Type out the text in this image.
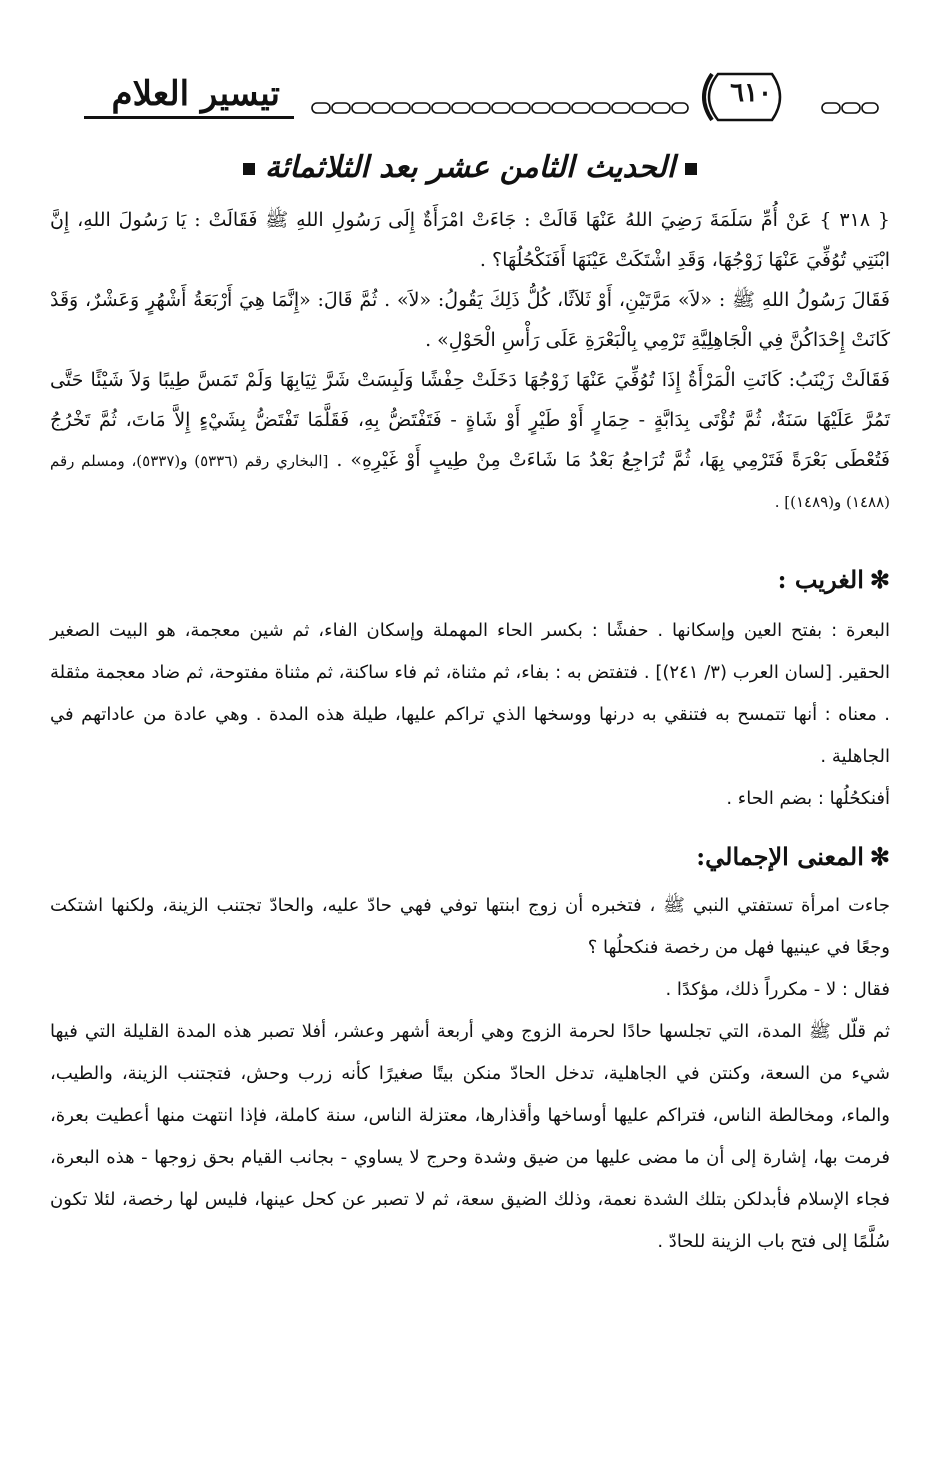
تيسير العلام	٦١٠
الحديث الثامن عشر بعد الثلاثمائة

{ ٣١٨ } عَنْ أُمِّ سَلَمَةَ رَضِيَ اللهُ عَنْهَا قَالَتْ : جَاءَتْ امْرَأَةٌ إِلَى رَسُولِ اللهِ ﷺ فَقَالَتْ : يَا رَسُولَ اللهِ، إِنَّ ابْنَتِي تُوُفِّيَ عَنْهَا زَوْجُهَا، وَقَدِ اشْتَكَتْ عَيْنَهَا أَفَنَكْحُلُهَا؟ .

فَقَالَ رَسُولُ اللهِ ﷺ : «لاَ» مَرَّتَيْنِ، أَوْ ثَلاَثًا، كُلُّ ذَلِكَ يَقُولُ: «لاَ» . ثُمَّ قَالَ: «إِنَّمَا هِيَ أَرْبَعَةُ أَشْهُرٍ وَعَشْرٌ، وَقَدْ كَانَتْ إِحْدَاكُنَّ فِي الْجَاهِلِيَّةِ تَرْمِي بِالْبَعْرَةِ عَلَى رَأْسِ الْحَوْلِ» .

فَقَالَتْ زَيْنَبُ: كَانَتِ الْمَرْأَةُ إِذَا تُوُفِّيَ عَنْهَا زَوْجُهَا دَخَلَتْ حِفْشًا وَلَبِسَتْ شَرَّ ثِيَابِهَا وَلَمْ تَمَسَّ طِيبًا وَلاَ شَيْئًا حَتَّى تَمُرَّ عَلَيْهَا سَنَةٌ، ثُمَّ تُؤْتَى بِدَابَّةٍ - حِمَارٍ أَوْ طَيْرٍ أَوْ شَاةٍ - فَتَفْتَضُّ بِهِ، فَقَلَّمَا تَفْتَضُّ بِشَيْءٍ إِلاَّ مَاتَ، ثُمَّ تَخْرُجُ فَتُعْطَى بَعْرَةً فَتَرْمِي بِهَا، ثُمَّ تُرَاجِعُ بَعْدُ مَا شَاءَتْ مِنْ طِيبٍ أَوْ غَيْرِهِ» . [البخاري رقم (٥٣٣٦) و(٥٣٣٧)، ومسلم رقم (١٤٨٨) و(١٤٨٩)] .

✻الغريب :

البعرة : بفتح العين وإسكانها . حفشًا : بكسر الحاء المهملة وإسكان الفاء، ثم شين معجمة، هو البيت الصغير الحقير. [لسان العرب (٣/ ٢٤١)] . فتفتض به : بفاء، ثم مثناة، ثم فاء ساكنة، ثم مثناة مفتوحة، ثم ضاد معجمة مثقلة . معناه : أنها تتمسح به فتنقي به درنها ووسخها الذي تراكم عليها، طيلة هذه المدة . وهي عادة من عاداتهم في الجاهلية .

أفنكحُلُها : بضم الحاء .

✻المعنى الإجمالي:

جاءت امرأة تستفتي النبي ﷺ ، فتخبره أن زوج ابنتها توفي فهي حادّ عليه، والحادّ تجتنب الزينة، ولكنها اشتكت وجعًا في عينيها فهل من رخصة فنكحلُها ؟

فقال : لا - مكرراً ذلك، مؤكدًا .

ثم قلّل ﷺ المدة، التي تجلسها حادًا لحرمة الزوج وهي أربعة أشهر وعشر، أفلا تصبر هذه المدة القليلة التي فيها شيء من السعة، وكنتن في الجاهلية، تدخل الحادّ منكن بيتًا صغيرًا كأنه زرب وحش، فتجتنب الزينة، والطيب، والماء، ومخالطة الناس، فتراكم عليها أوساخها وأقذارها، معتزلة الناس، سنة كاملة، فإذا انتهت منها أعطيت بعرة، فرمت بها، إشارة إلى أن ما مضى عليها من ضيق وشدة وحرج لا يساوي - بجانب القيام بحق زوجها - هذه البعرة، فجاء الإسلام فأبدلكن بتلك الشدة نعمة، وذلك الضيق سعة، ثم لا تصبر عن كحل عينها، فليس لها رخصة، لئلا تكون سُلَّمًا إلى فتح باب الزينة للحادّ .
